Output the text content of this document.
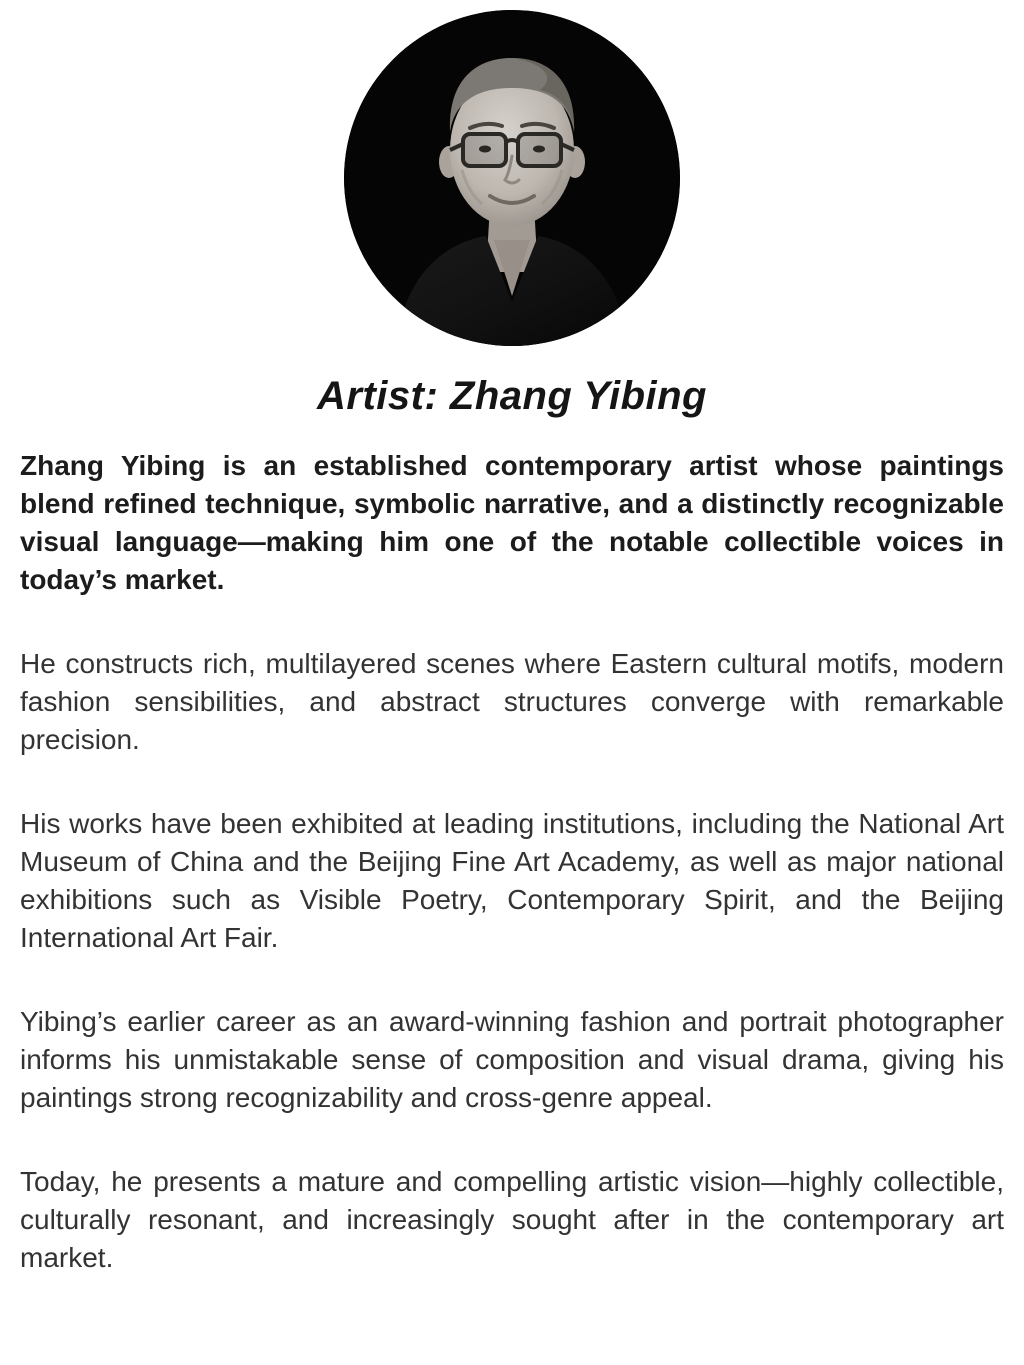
Artist: Zhang Yibing

Zhang Yibing is an established contemporary artist whose paintings blend refined technique, symbolic narrative, and a distinctly recognizable visual language—making him one of the notable collectible voices in today’s market.

He constructs rich, multilayered scenes where Eastern cultural motifs, modern fashion sensibilities, and abstract structures converge with remarkable precision.

His works have been exhibited at leading institutions, including the National Art Museum of China and the Beijing Fine Art Academy, as well as major national exhibitions such as Visible Poetry, Contemporary Spirit, and the Beijing International Art Fair.

Yibing’s earlier career as an award-winning fashion and portrait photographer informs his unmistakable sense of composition and visual drama, giving his paintings strong recognizability and cross-genre appeal.

Today, he presents a mature and compelling artistic vision—highly collectible, culturally resonant, and increasingly sought after in the contemporary art market.
